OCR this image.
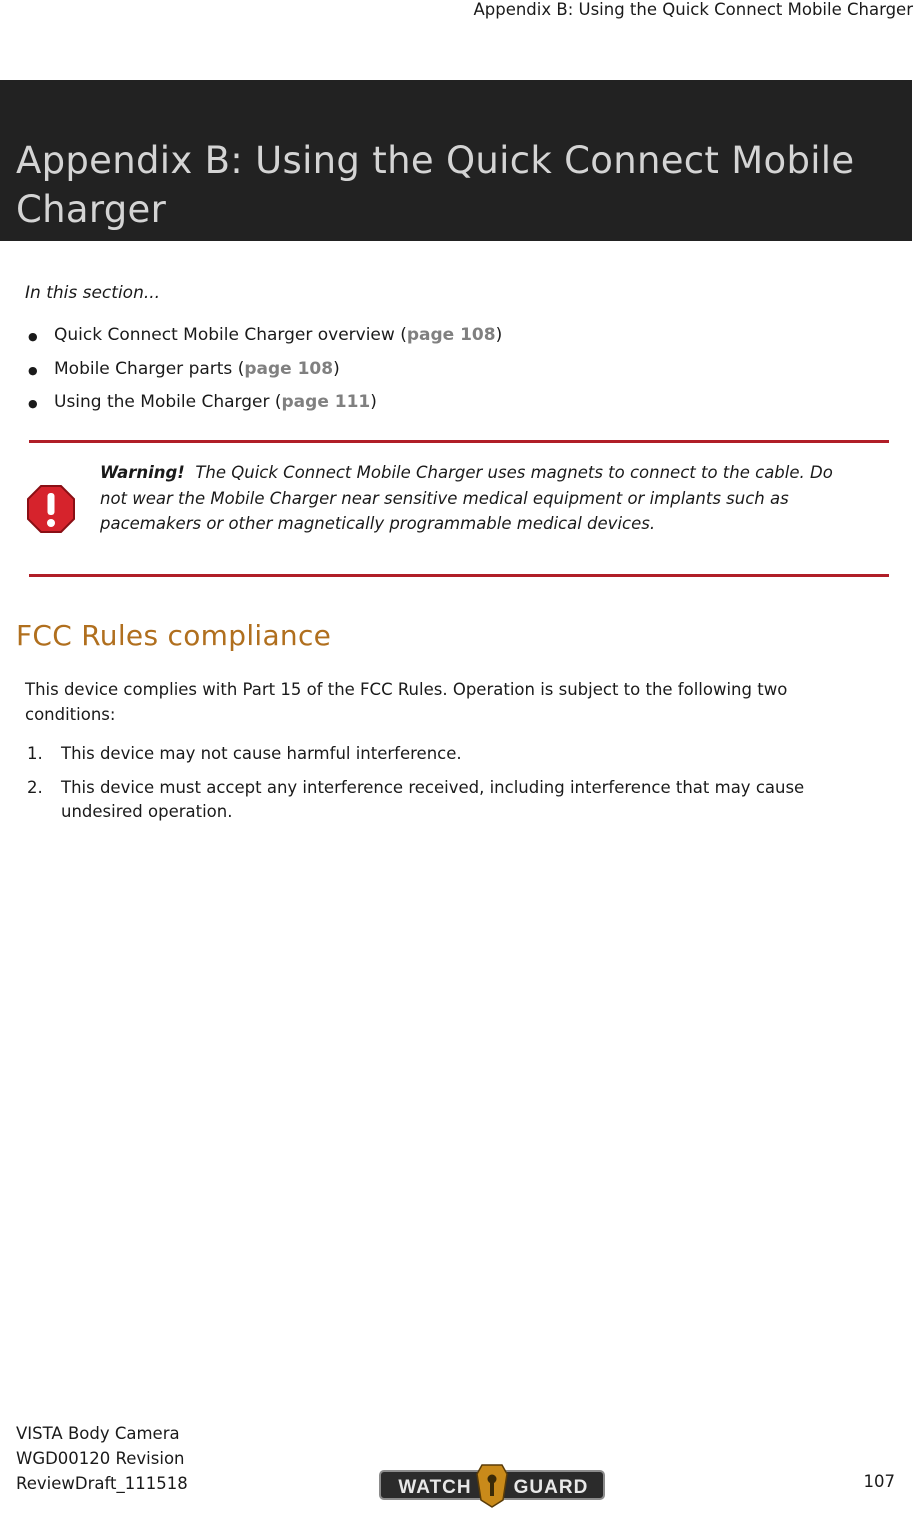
Appendix B: Using the Quick Connect Mobile Charger
Appendix B: Using the Quick Connect Mobile Charger
In this section...
● Quick Connect Mobile Charger overview (page 108)
● Mobile Charger parts (page 108)
● Using the Mobile Charger (page 111)
Warning! The Quick Connect Mobile Charger uses magnets to connect to the cable. Do not wear the Mobile Charger near sensitive medical equipment or implants such as pacemakers or other magnetically programmable medical devices.
FCC Rules compliance
This device complies with Part 15 of the FCC Rules. Operation is subject to the following two conditions:
1.	This device may not cause harmful interference.
2.	This device must accept any interference received, including interference that may cause undesired operation.
VISTA Body Camera
WGD00120 Revision
ReviewDraft_111518	WATCH GUARD	107
